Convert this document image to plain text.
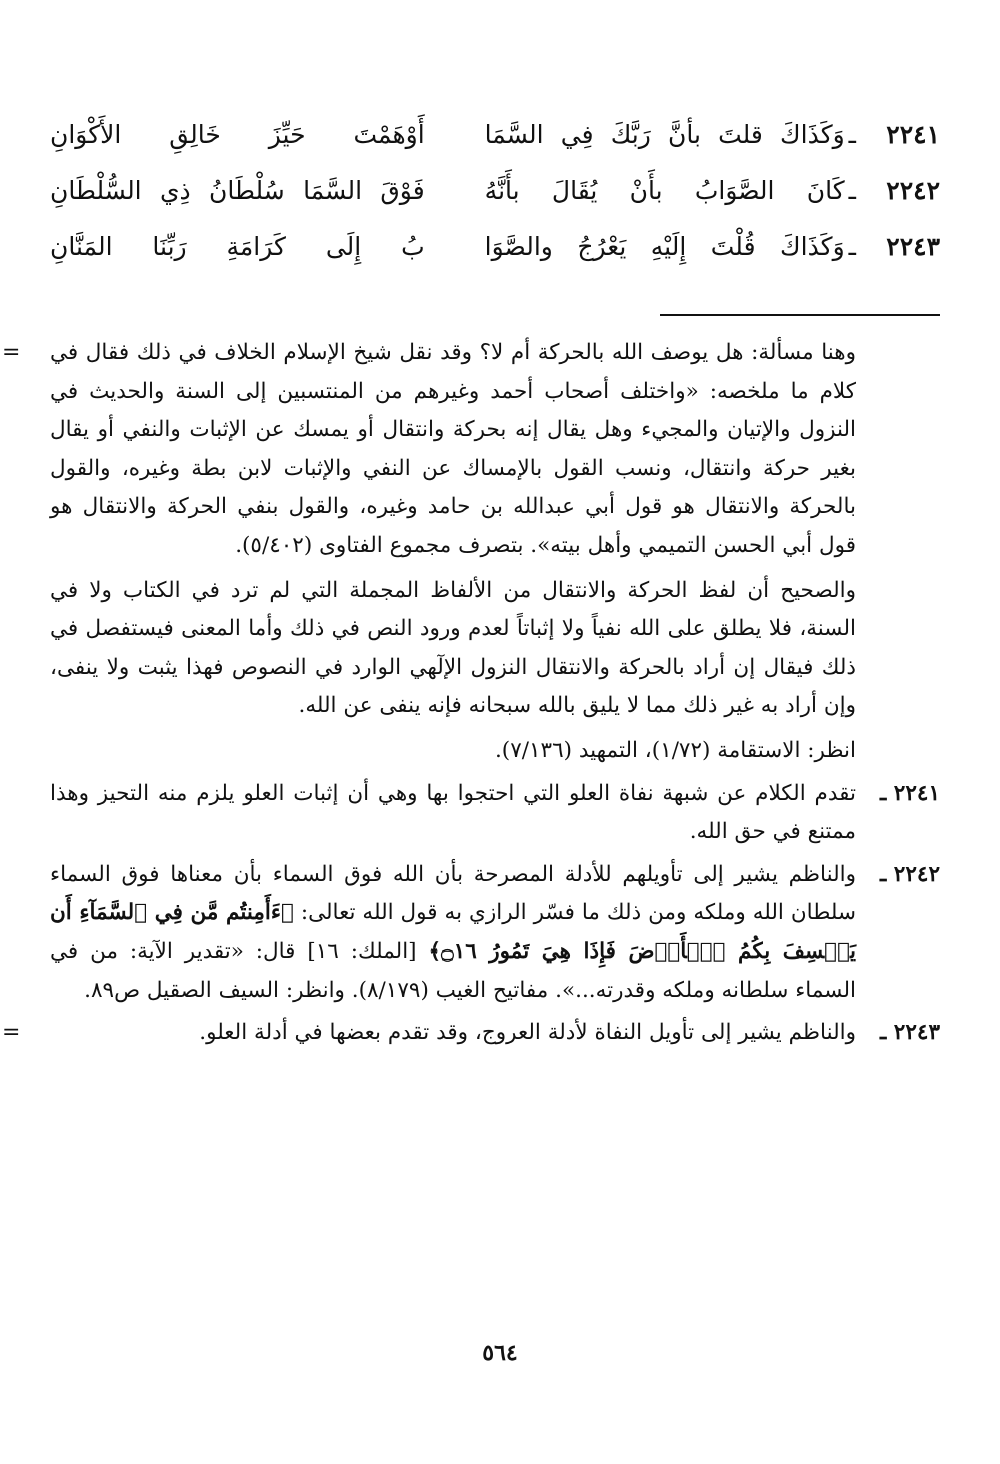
٢٢٤١
ـ
وَكَذَاكَ قلتَ بأنَّ رَبَّكَ فِي السَّمَا
أَوْهَمْتَ حَيِّزَ خَالِقِ الأَكْوَانِ
٢٢٤٢
ـ
كَانَ الصَّوَابُ بأَنْ يُقَالَ بأَنَّهُ
فَوْقَ السَّمَا سُلْطَانُ ذِي السُّلْطَانِ
٢٢٤٣
ـ
وَكَذَاكَ قُلْتَ إِلَيْهِ يَعْرُجُ والصَّوَا
بُ إِلَى كَرَامَةِ رَبِّنَا المَنَّانِ
= وهنا مسألة: هل يوصف الله بالحركة أم لا؟ وقد نقل شيخ الإسلام الخلاف في ذلك فقال في كلام ما ملخصه: «واختلف أصحاب أحمد وغيرهم من المنتسبين إلى السنة والحديث في النزول والإتيان والمجيء وهل يقال إنه بحركة وانتقال أو يمسك عن الإثبات والنفي أو يقال بغير حركة وانتقال، ونسب القول بالإمساك عن النفي والإثبات لابن بطة وغيره، والقول بالحركة والانتقال هو قول أبي عبدالله بن حامد وغيره، والقول بنفي الحركة والانتقال هو قول أبي الحسن التميمي وأهل بيته». بتصرف مجموع الفتاوى (٥/٤٠٢).
والصحيح أن لفظ الحركة والانتقال من الألفاظ المجملة التي لم ترد في الكتاب ولا في السنة، فلا يطلق على الله نفياً ولا إثباتاً لعدم ورود النص في ذلك وأما المعنى فيستفصل في ذلك فيقال إن أراد بالحركة والانتقال النزول الإلٓهي الوارد في النصوص فهذا يثبت ولا ينفى، وإن أراد به غير ذلك مما لا يليق بالله سبحانه فإنه ينفى عن الله.
انظر: الاستقامة (١/٧٢)، التمهيد (٧/١٣٦).
٢٢٤١ ـ
تقدم الكلام عن شبهة نفاة العلو التي احتجوا بها وهي أن إثبات العلو يلزم منه التحيز وهذا ممتنع في حق الله.
٢٢٤٢ ـ
والناظم يشير إلى تأويلهم للأدلة المصرحة بأن الله فوق السماء بأن معناها فوق السماء سلطان الله وملكه ومن ذلك ما فسّر الرازي به قول الله تعالى: ﴿ءَأَمِنتُم مَّن فِي ٱلسَّمَآءِ أَن يَخۡسِفَ بِكُمُ ٱلۡأَرۡضَ فَإِذَا هِيَ تَمُورُ ۝١٦﴾ [الملك: ١٦] قال: «تقدير الآية: من في السماء سلطانه وملكه وقدرته...». مفاتيح الغيب (٨/١٧٩). وانظر: السيف الصقيل ص٨٩.
٢٢٤٣ ـ
والناظم يشير إلى تأويل النفاة لأدلة العروج، وقد تقدم بعضها في أدلة العلو.
=
٥٦٤
